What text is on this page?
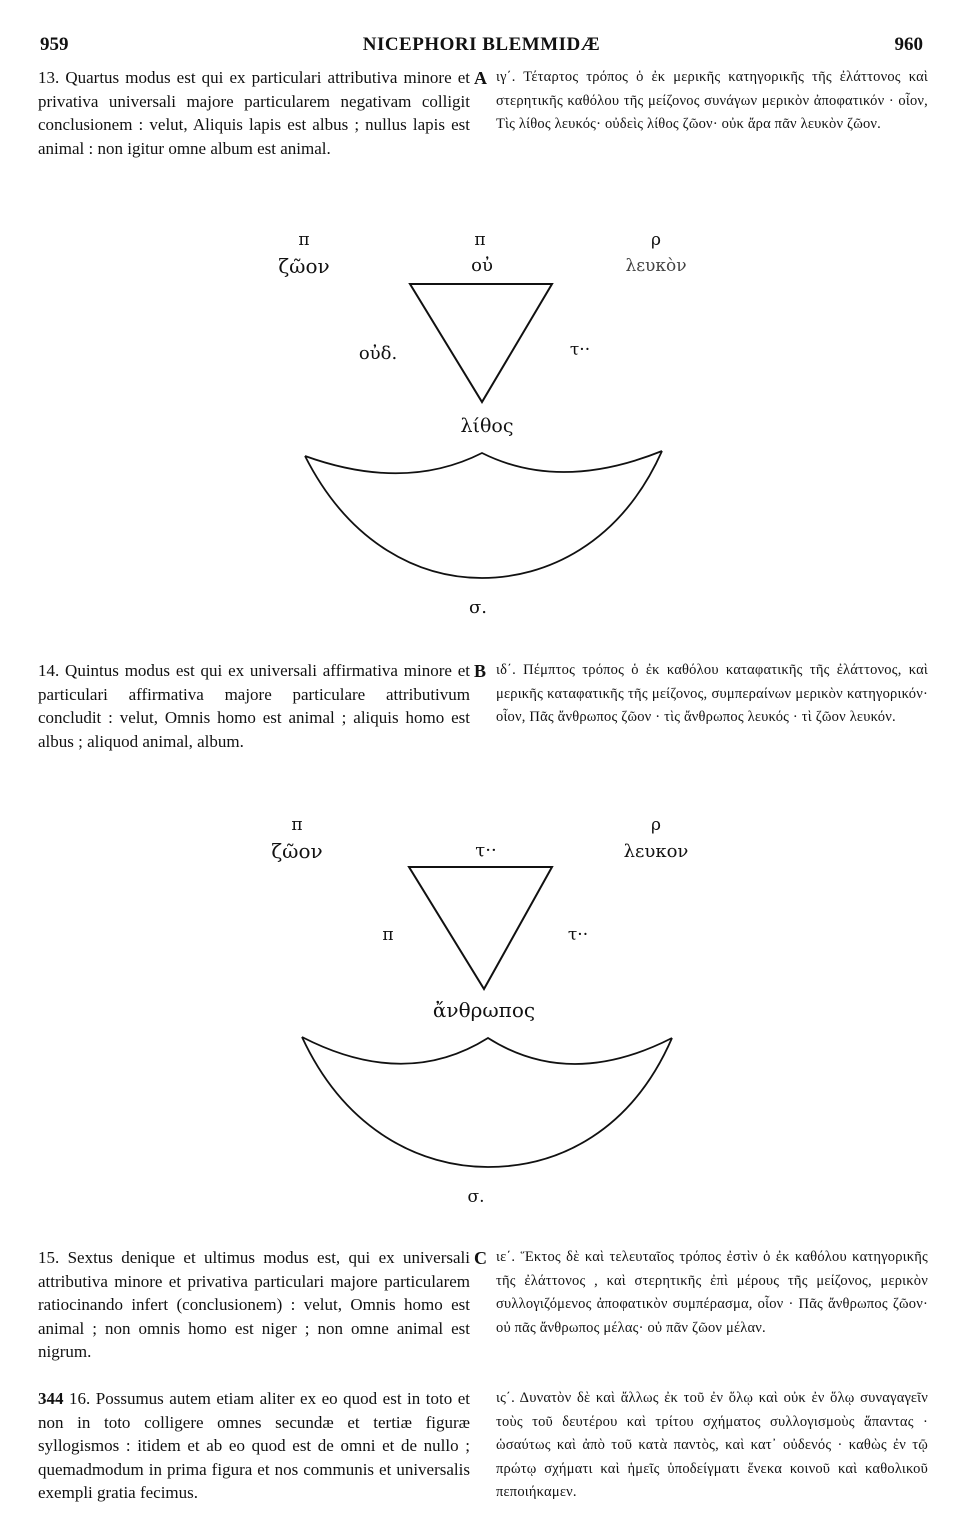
959	NICEPHORI BLEMMIDÆ	960
13. Quartus modus est qui ex particulari attributiva minore et privativa universali majore particularem negativam colligit conclusionem : velut, Aliquis lapis est albus ; nullus lapis est animal : non igitur omne album est animal.
A ιγ΄. Τέταρτος τρόπος ὁ ἐκ μερικῆς κατηγορικῆς τῆς ἐλάττονος καὶ στερητικῆς καθόλου τῆς μείζονος συνάγων μερικὸν ἀποφατικόν · οἷον, Τὶς λίθος λευκός· οὐδεὶς λίθος ζῶον· οὐκ ἄρα πᾶν λευκὸν ζῶον.
π
ζῶον
π
οὐ
ρ
λευκὸν
οὐδ.	τ··
λίθος
σ.
14. Quintus modus est qui ex universali affirmativa minore et particulari affirmativa majore particulare attributivum concludit : velut, Omnis homo est animal ; aliquis homo est albus ; aliquod animal, album.
B ιδ΄. Πέμπτος τρόπος ὁ ἐκ καθόλου καταφατικῆς τῆς ἐλάττονος, καὶ μερικῆς καταφατικῆς τῆς μείζονος, συμπεραίνων μερικὸν κατηγορικόν· οἷον, Πᾶς ἄνθρωπος ζῶον · τὶς ἄνθρωπος λευκός · τὶ ζῶον λευκόν.
π
ζῶον	τ··
ρ
λευκον
π	τ··
ἄνθρωπος
σ.
15. Sextus denique et ultimus modus est, qui ex universali attributiva minore et privativa particulari majore particularem ratiocinando infert (conclusionem) : velut, Omnis homo est animal ; non omnis homo est niger ; non omne animal est nigrum.
C ιε΄. Ἕκτος δὲ καὶ τελευταῖος τρόπος ἐστὶν ὁ ἐκ καθόλου κατηγορικῆς τῆς ἐλάττονος , καὶ στερητικῆς ἐπὶ μέρους τῆς μείζονος, μερικὸν συλλογιζόμενος ἀποφατικὸν συμπέρασμα, οἷον · Πᾶς ἄνθρωπος ζῶον· οὐ πᾶς ἄνθρωπος μέλας· οὐ πᾶν ζῶον μέλαν.
344 16. Possumus autem etiam aliter ex eo quod est in toto et non in toto colligere omnes secundæ et tertiæ figuræ syllogismos : itidem et ab eo quod est de omni et de nullo ; quemadmodum in prima figura et nos communis et universalis exempli gratia fecimus.
ις΄. Δυνατὸν δὲ καὶ ἄλλως ἐκ τοῦ ἐν ὅλῳ καὶ οὐκ ἐν ὅλῳ συναγαγεῖν τοὺς τοῦ δευτέρου καὶ τρίτου σχήματος συλλογισμοὺς ἅπαντας · ὡσαύτως καὶ ἀπὸ τοῦ κατὰ παντὸς, καὶ κατ᾽ οὐδενός · καθὼς ἐν τῷ πρώτῳ σχήματι καὶ ἡμεῖς ὑποδείγματι ἕνεκα κοινοῦ καὶ καθολικοῦ πεποιήκαμεν.
